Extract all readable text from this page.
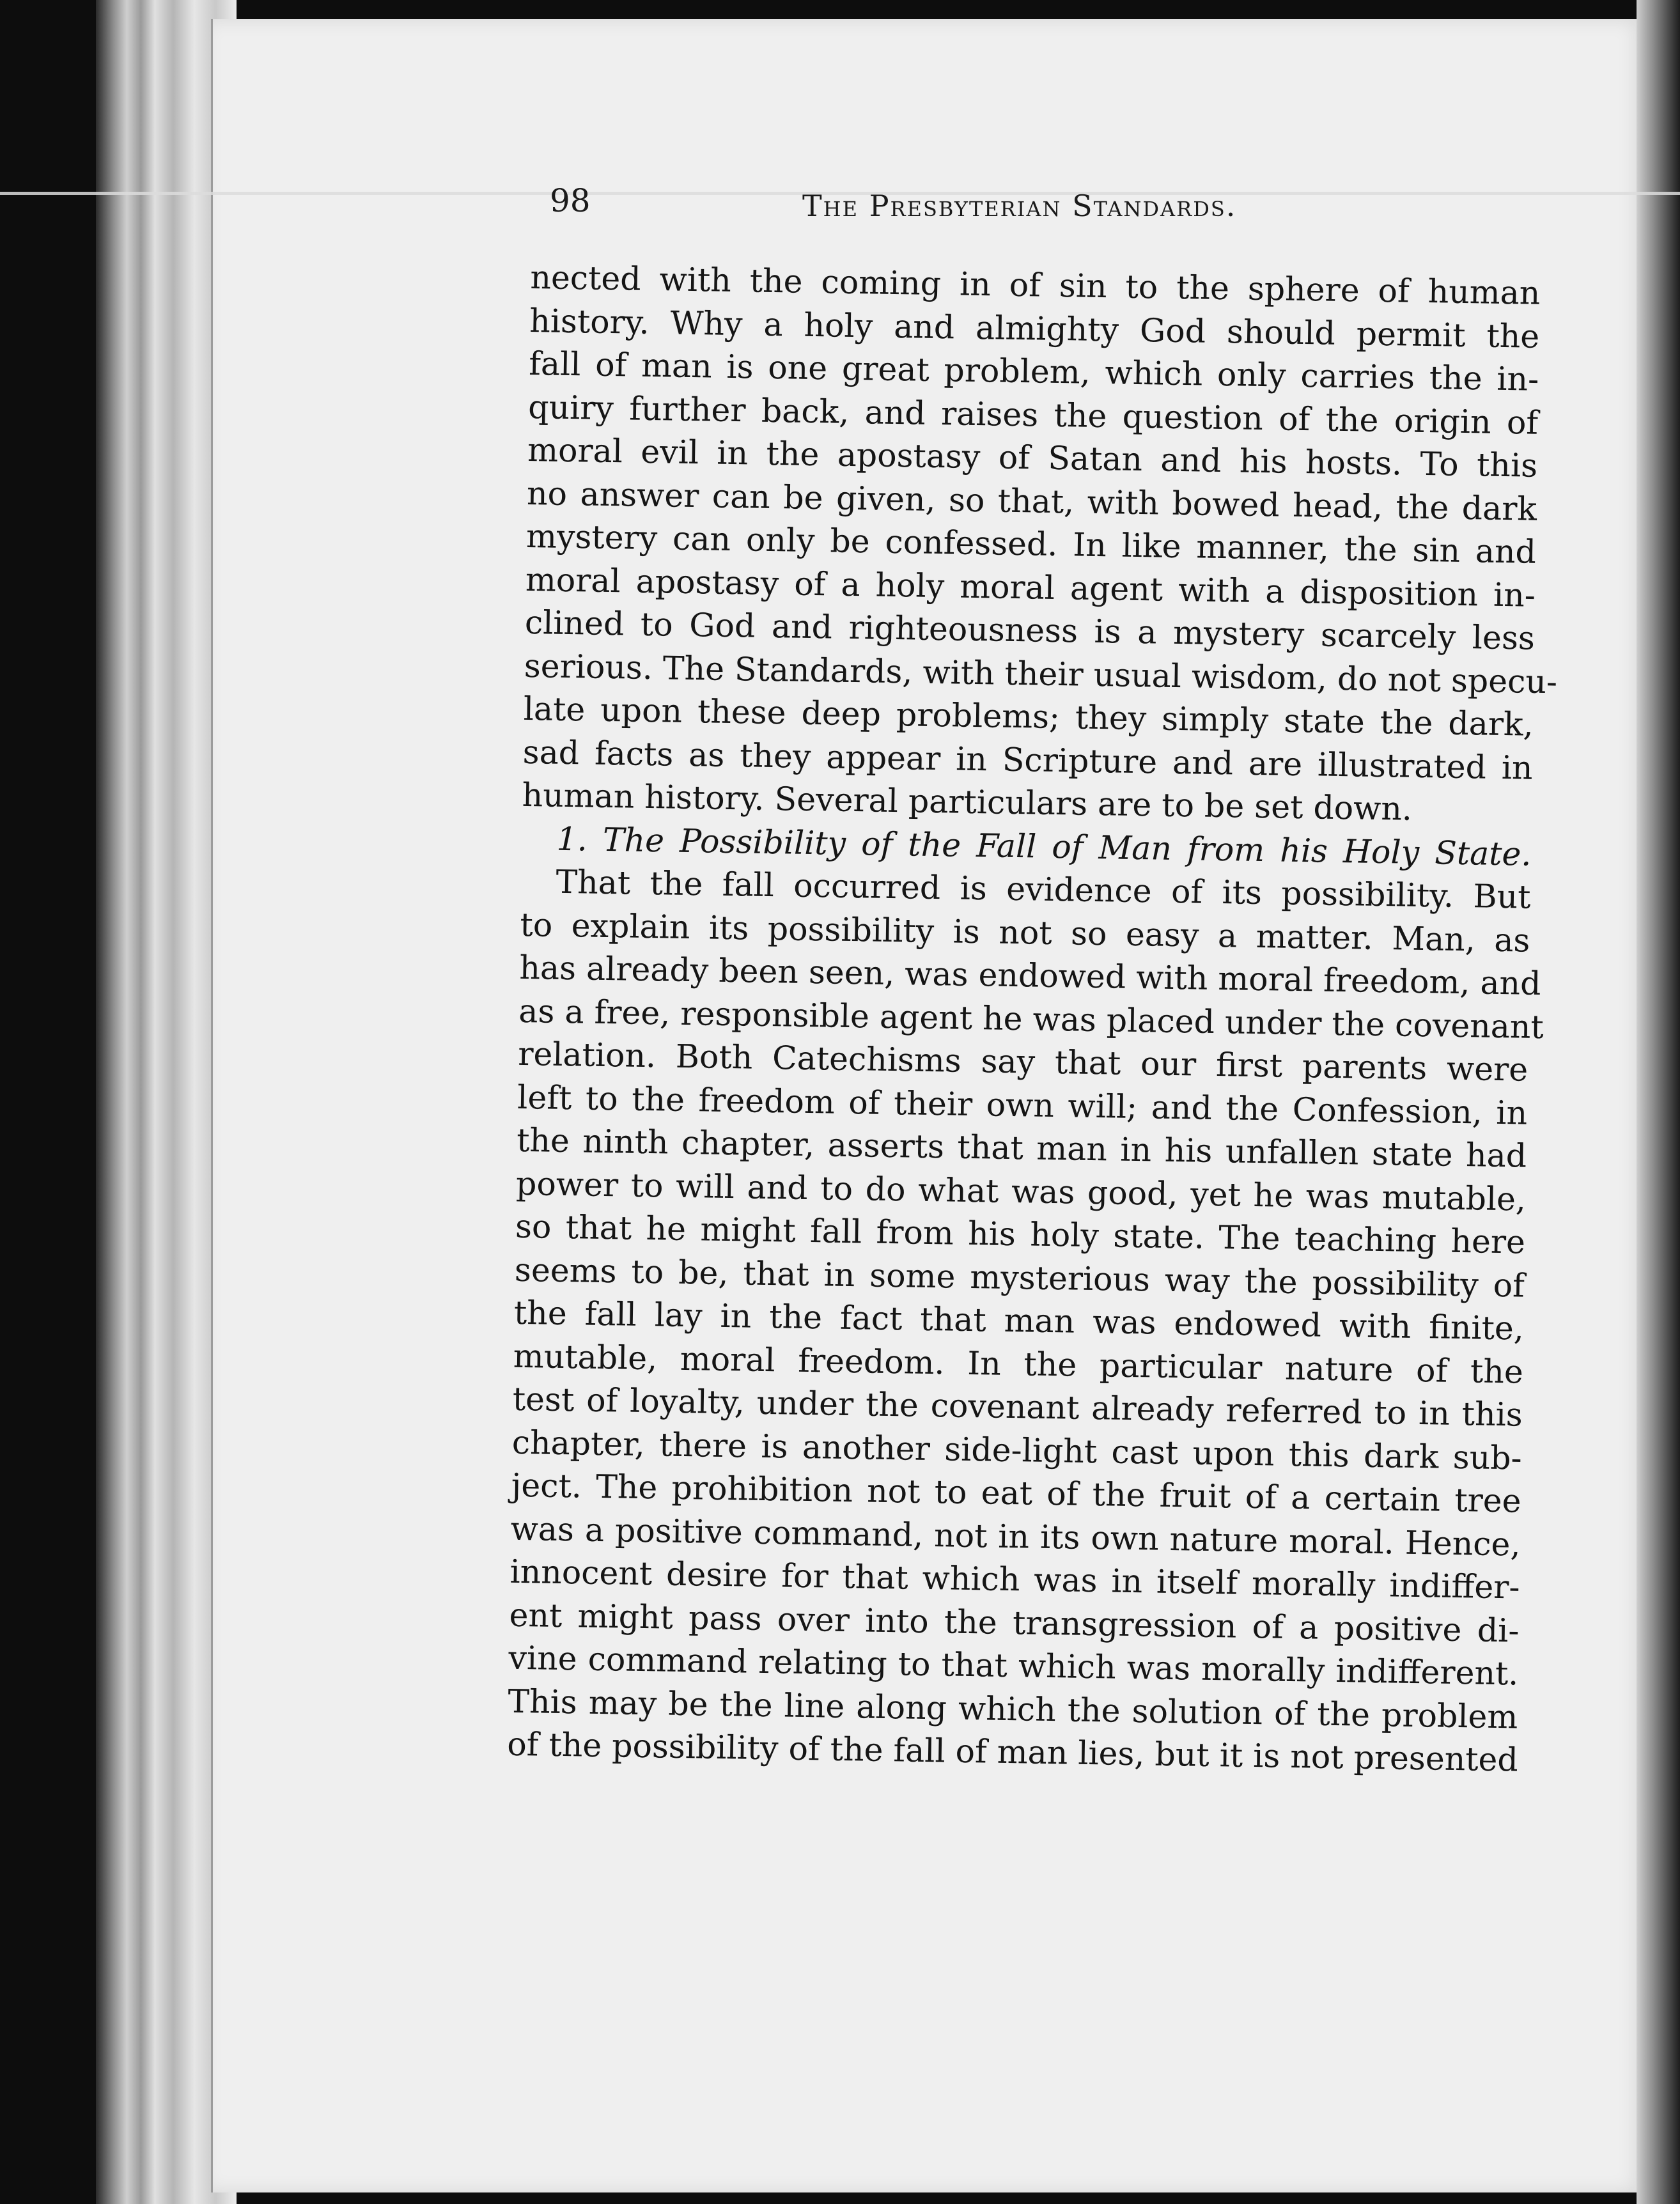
98	The Presbyterian Standards.
nected with the coming in of sin to the sphere of human
history. Why a holy and almighty God should permit the
fall of man is one great problem, which only carries the in-
quiry further back, and raises the question of the origin of
moral evil in the apostasy of Satan and his hosts. To this
no answer can be given, so that, with bowed head, the dark
mystery can only be confessed. In like manner, the sin and
moral apostasy of a holy moral agent with a disposition in-
clined to God and righteousness is a mystery scarcely less
serious. The Standards, with their usual wisdom, do not specu-
late upon these deep problems; they simply state the dark,
sad facts as they appear in Scripture and are illustrated in
human history. Several particulars are to be set down.
1. The Possibility of the Fall of Man from his Holy State.
That the fall occurred is evidence of its possibility. But
to explain its possibility is not so easy a matter. Man, as
has already been seen, was endowed with moral freedom, and
as a free, responsible agent he was placed under the covenant
relation. Both Catechisms say that our first parents were
left to the freedom of their own will; and the Confession, in
the ninth chapter, asserts that man in his unfallen state had
power to will and to do what was good, yet he was mutable,
so that he might fall from his holy state. The teaching here
seems to be, that in some mysterious way the possibility of
the fall lay in the fact that man was endowed with finite,
mutable, moral freedom. In the particular nature of the
test of loyalty, under the covenant already referred to in this
chapter, there is another side-light cast upon this dark sub-
ject. The prohibition not to eat of the fruit of a certain tree
was a positive command, not in its own nature moral. Hence,
innocent desire for that which was in itself morally indiffer-
ent might pass over into the transgression of a positive di-
vine command relating to that which was morally indifferent.
This may be the line along which the solution of the problem
of the possibility of the fall of man lies, but it is not presented
